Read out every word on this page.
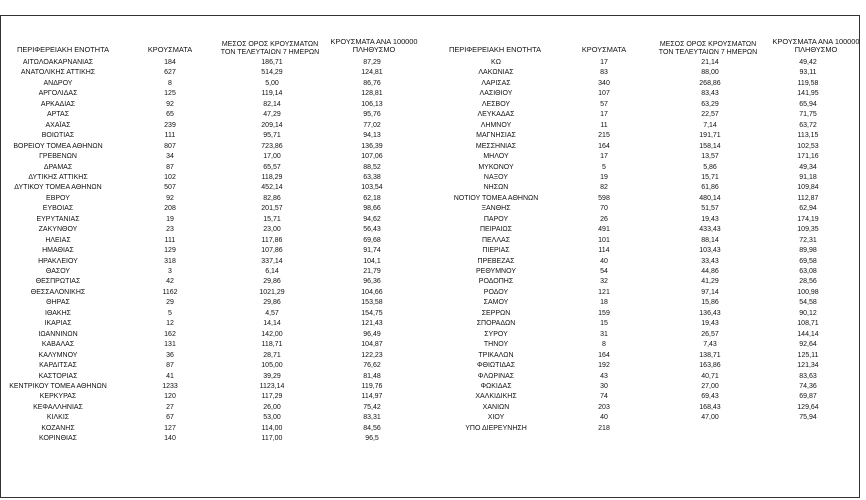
ΠΕΡΙΦΕΡΕΙΑΚΗ ΕΝΟΤΗΤΑ	ΚΡΟΥΣΜΑΤΑ
ΜΕΣΟΣ ΟΡΟΣ ΚΡΟΥΣΜΑΤΩΝ
ΤΟΝ ΤΕΛΕΥΤΑΙΩΝ 7 ΗΜΕΡΩΝ
ΚΡΟΥΣΜΑΤΑ ΑΝΑ 100000
ΠΛΗΘΥΣΜΟ	ΠΕΡΙΦΕΡΕΙΑΚΗ ΕΝΟΤΗΤΑ	ΚΡΟΥΣΜΑΤΑ
ΜΕΣΟΣ ΟΡΟΣ ΚΡΟΥΣΜΑΤΩΝ
ΤΟΝ ΤΕΛΕΥΤΑΙΩΝ 7 ΗΜΕΡΩΝ
ΚΡΟΥΣΜΑΤΑ ΑΝΑ 100000
ΠΛΗΘΥΣΜΟ
ΑΙΤΩΛΟΑΚΑΡΝΑΝΙΑΣ	184	186,71	87,29
ΑΝΑΤΟΛΙΚΗΣ ΑΤΤΙΚΗΣ	627	514,29	124,81
ΑΝΔΡΟΥ	8	5,00	86,76
ΑΡΓΟΛΙΔΑΣ	125	119,14	128,81
ΑΡΚΑΔΙΑΣ	92	82,14	106,13
ΑΡΤΑΣ	65	47,29	95,76
ΑΧΑΪΑΣ	239	209,14	77,02
ΒΟΙΩΤΙΑΣ	111	95,71	94,13
ΒΟΡΕΙΟΥ ΤΟΜΕΑ ΑΘΗΝΩΝ	807	723,86	136,39
ΓΡΕΒΕΝΩΝ	34	17,00	107,06
ΔΡΑΜΑΣ	87	65,57	88,52
ΔΥΤΙΚΗΣ ΑΤΤΙΚΗΣ	102	118,29	63,38
ΔΥΤΙΚΟΥ ΤΟΜΕΑ ΑΘΗΝΩΝ	507	452,14	103,54
ΕΒΡΟΥ	92	82,86	62,18
ΕΥΒΟΙΑΣ	208	201,57	98,66
ΕΥΡΥΤΑΝΙΑΣ	19	15,71	94,62
ΖΑΚΥΝΘΟΥ	23	23,00	56,43
ΗΛΕΙΑΣ	111	117,86	69,68
ΗΜΑΘΙΑΣ	129	107,86	91,74
ΗΡΑΚΛΕΙΟΥ	318	337,14	104,1
ΘΑΣΟΥ	3	6,14	21,79
ΘΕΣΠΡΩΤΙΑΣ	42	29,86	96,36
ΘΕΣΣΑΛΟΝΙΚΗΣ	1162	1021,29	104,66
ΘΗΡΑΣ	29	29,86	153,58
ΙΘΑΚΗΣ	5	4,57	154,75
ΙΚΑΡΙΑΣ	12	14,14	121,43
ΙΩΑΝΝΙΝΩΝ	162	142,00	96,49
ΚΑΒΑΛΑΣ	131	118,71	104,87
ΚΑΛΥΜΝΟΥ	36	28,71	122,23
ΚΑΡΔΙΤΣΑΣ	87	105,00	76,62
ΚΑΣΤΟΡΙΑΣ	41	39,29	81,48
ΚΕΝΤΡΙΚΟΥ ΤΟΜΕΑ ΑΘΗΝΩΝ	1233	1123,14	119,76
ΚΕΡΚΥΡΑΣ	120	117,29	114,97
ΚΕΦΑΛΛΗΝΙΑΣ	27	26,00	75,42
ΚΙΛΚΙΣ	67	53,00	83,31
ΚΟΖΑΝΗΣ	127	114,00	84,56
ΚΟΡΙΝΘΙΑΣ	140	117,00	96,5
ΚΩ	17	21,14	49,42
ΛΑΚΩΝΙΑΣ	83	88,00	93,11
ΛΑΡΙΣΑΣ	340	268,86	119,58
ΛΑΣΙΘΙΟΥ	107	83,43	141,95
ΛΕΣΒΟΥ	57	63,29	65,94
ΛΕΥΚΑΔΑΣ	17	22,57	71,75
ΛΗΜΝΟΥ	11	7,14	63,72
ΜΑΓΝΗΣΙΑΣ	215	191,71	113,15
ΜΕΣΣΗΝΙΑΣ	164	158,14	102,53
ΜΗΛΟΥ	17	13,57	171,16
ΜΥΚΟΝΟΥ	5	5,86	49,34
ΝΑΞΟΥ	19	15,71	91,18
ΝΗΣΩΝ	82	61,86	109,84
ΝΟΤΙΟΥ ΤΟΜΕΑ ΑΘΗΝΩΝ	598	480,14	112,87
ΞΑΝΘΗΣ	70	51,57	62,94
ΠΑΡΟΥ	26	19,43	174,19
ΠΕΙΡΑΙΩΣ	491	433,43	109,35
ΠΕΛΛΑΣ	101	88,14	72,31
ΠΙΕΡΙΑΣ	114	103,43	89,98
ΠΡΕΒΕΖΑΣ	40	33,43	69,58
ΡΕΘΥΜΝΟΥ	54	44,86	63,08
ΡΟΔΟΠΗΣ	32	41,29	28,56
ΡΟΔΟΥ	121	97,14	100,98
ΣΑΜΟΥ	18	15,86	54,58
ΣΕΡΡΩΝ	159	136,43	90,12
ΣΠΟΡΑΔΩΝ	15	19,43	108,71
ΣΥΡΟΥ	31	26,57	144,14
ΤΗΝΟΥ	8	7,43	92,64
ΤΡΙΚΑΛΩΝ	164	138,71	125,11
ΦΘΙΩΤΙΔΑΣ	192	163,86	121,34
ΦΛΩΡΙΝΑΣ	43	40,71	83,63
ΦΩΚΙΔΑΣ	30	27,00	74,36
ΧΑΛΚΙΔΙΚΗΣ	74	69,43	69,87
ΧΑΝΙΩΝ	203	168,43	129,64
ΧΙΟΥ	40	47,00	75,94
ΥΠΟ ΔΙΕΡΕΥΝΗΣΗ	218
